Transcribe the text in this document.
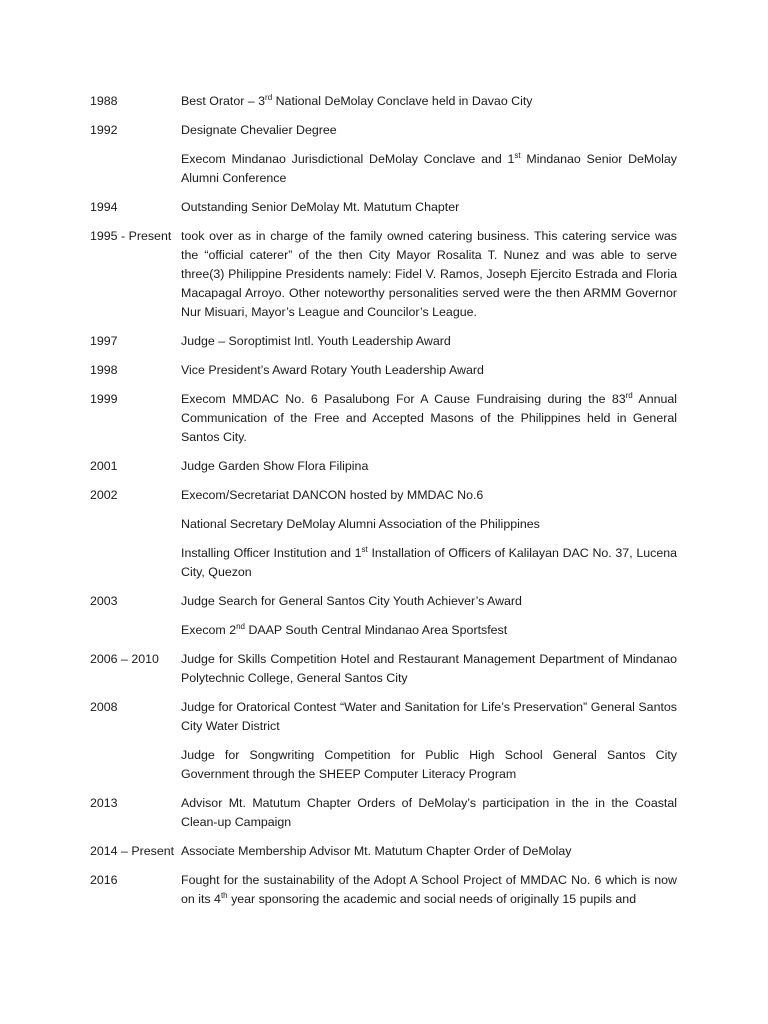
1988	Best Orator – 3rd National DeMolay Conclave held in Davao City
1992	Designate Chevalier Degree
Execom Mindanao Jurisdictional DeMolay Conclave and 1st Mindanao Senior DeMolay Alumni Conference
1994	Outstanding Senior DeMolay Mt. Matutum Chapter
1995 - Present took over as in charge of the family owned catering business. This catering service was the “official caterer” of the then City Mayor Rosalita T. Nunez and was able to serve three(3) Philippine Presidents namely: Fidel V. Ramos, Joseph Ejercito Estrada and Floria Macapagal Arroyo. Other noteworthy personalities served were the then ARMM Governor Nur Misuari, Mayor’s League and Councilor’s League.
1997	Judge – Soroptimist Intl. Youth Leadership Award
1998	Vice President’s Award Rotary Youth Leadership Award
1999	Execom MMDAC No. 6 Pasalubong For A Cause Fundraising during the 83rd Annual Communication of the Free and Accepted Masons of the Philippines held in General Santos City.
2001	Judge Garden Show Flora Filipina
2002	Execom/Secretariat DANCON hosted by MMDAC No.6
National Secretary DeMolay Alumni Association of the Philippines
Installing Officer Institution and 1st Installation of Officers of Kalilayan DAC No. 37, Lucena City, Quezon
2003	Judge Search for General Santos City Youth Achiever’s Award
Execom 2nd DAAP South Central Mindanao Area Sportsfest
2006 – 2010	Judge for Skills Competition Hotel and Restaurant Management Department of Mindanao Polytechnic College, General Santos City
2008	Judge for Oratorical Contest “Water and Sanitation for Life’s Preservation” General Santos City Water District
Judge for Songwriting Competition for Public High School General Santos City Government through the SHEEP Computer Literacy Program
2013	Advisor Mt. Matutum Chapter Orders of DeMolay’s participation in the in the Coastal Clean-up Campaign
2014 – Present Associate Membership Advisor Mt. Matutum Chapter Order of DeMolay
2016	Fought for the sustainability of the Adopt A School Project of MMDAC No. 6 which is now on its 4th year sponsoring the academic and social needs of originally 15 pupils and
